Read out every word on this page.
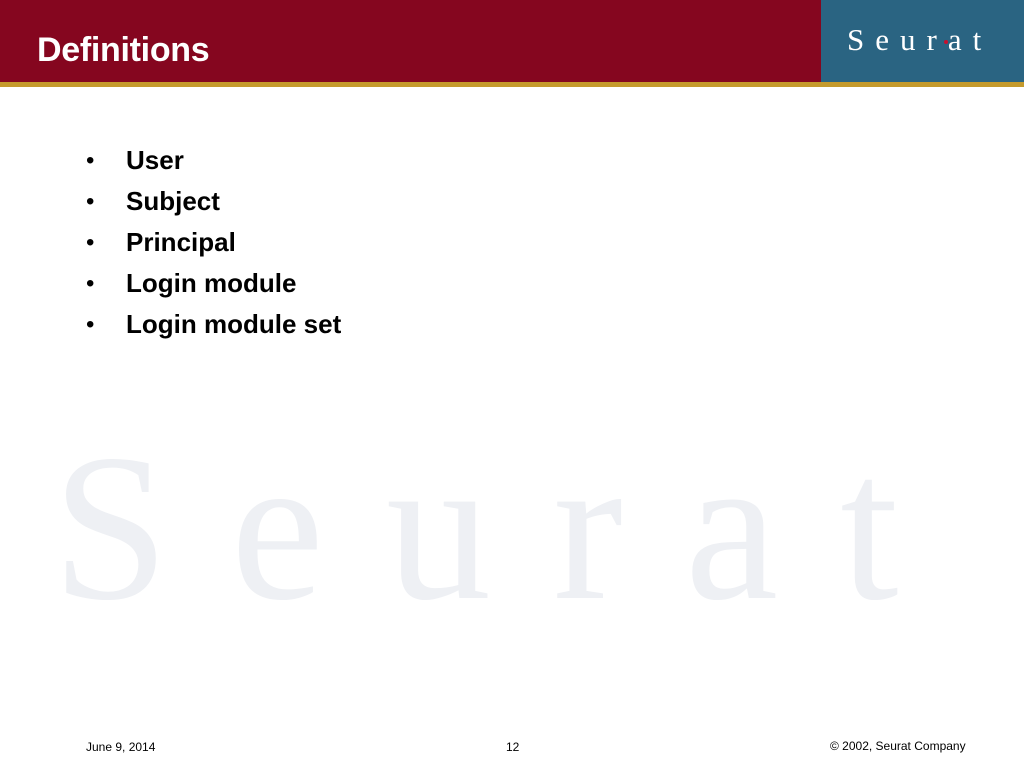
S e u r a t
Definitions	S e u r a t
• User
• Subject
• Principal
• Login module
• Login module set
June 9, 2014	12	© 2002, Seurat Company
